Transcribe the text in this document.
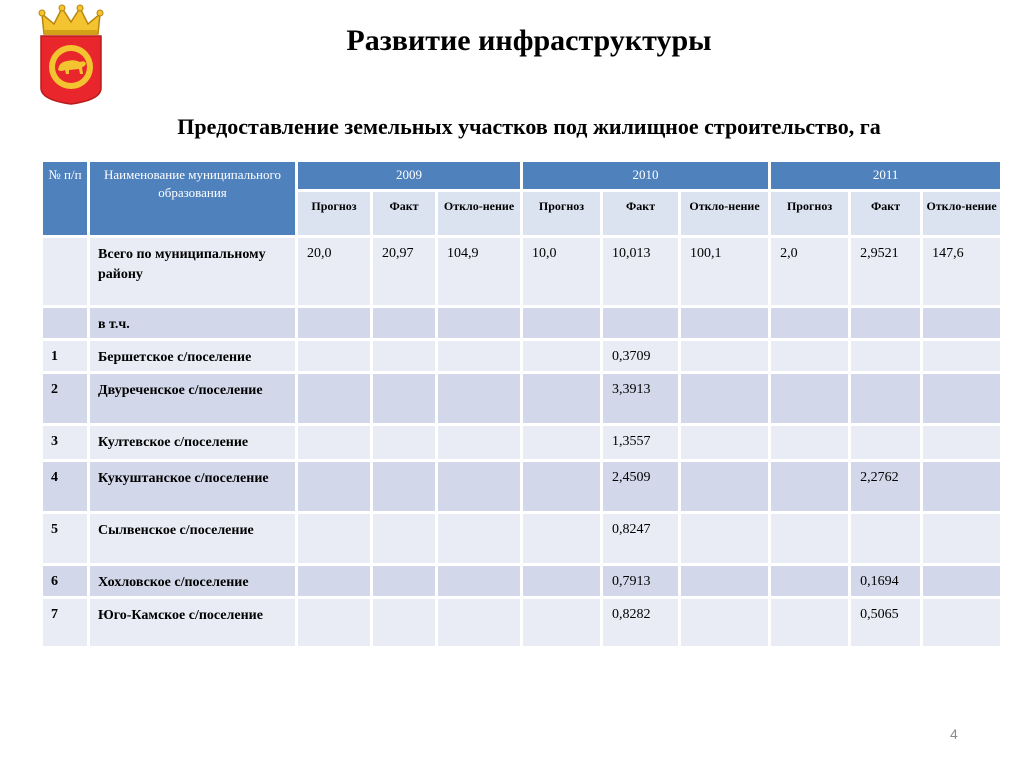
Развитие инфраструктуры
Предоставление земельных участков под жилищное строительство, га
№ п/п	Наименование муниципального образования	2009			2010			2011		
		Прогноз	Факт	Откло-нение	Прогноз	Факт	Откло-нение	Прогноз	Факт	Откло-нение
	Всего по муниципальному району	20,0	20,97	104,9	10,0	10,013	100,1	2,0	2,9521	147,6
	в т.ч.									
1	Бершетское с/поселение					0,3709				
2	Двуреченское с/поселение					3,3913				
3	Култевское с/поселение					1,3557				
4	Кукуштанское с/поселение					2,4509			2,2762	
5	Сылвенское с/поселение					0,8247				
6	Хохловское с/поселение					0,7913			0,1694	
7	Юго-Камское с/поселение					0,8282			0,5065	
4
